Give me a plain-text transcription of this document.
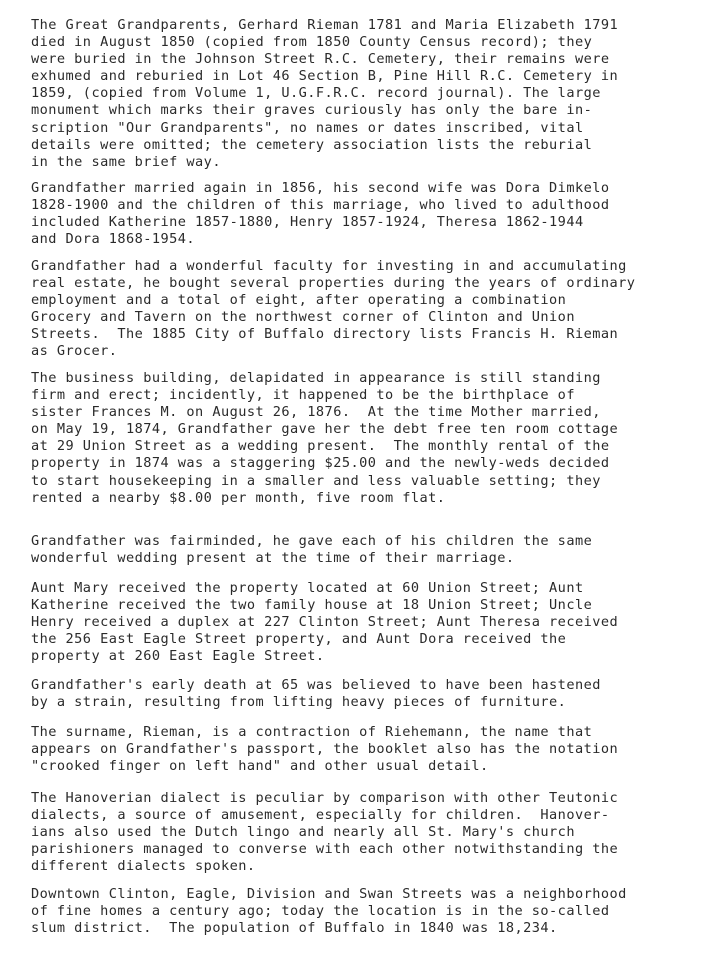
The Great Grandparents, Gerhard Rieman 1781 and Maria Elizabeth 1791
died in August 1850 (copied from 1850 County Census record); they
were buried in the Johnson Street R.C. Cemetery, their remains were
exhumed and reburied in Lot 46 Section B, Pine Hill R.C. Cemetery in
1859, (copied from Volume 1, U.G.F.R.C. record journal). The large
monument which marks their graves curiously has only the bare in-
scription "Our Grandparents", no names or dates inscribed, vital
details were omitted; the cemetery association lists the reburial
in the same brief way.

Grandfather married again in 1856, his second wife was Dora Dimkelo
1828-1900 and the children of this marriage, who lived to adulthood
included Katherine 1857-1880, Henry 1857-1924, Theresa 1862-1944
and Dora 1868-1954.

Grandfather had a wonderful faculty for investing in and accumulating
real estate, he bought several properties during the years of ordinary
employment and a total of eight, after operating a combination
Grocery and Tavern on the northwest corner of Clinton and Union
Streets.  The 1885 City of Buffalo directory lists Francis H. Rieman
as Grocer.

The business building, delapidated in appearance is still standing
firm and erect; incidently, it happened to be the birthplace of
sister Frances M. on August 26, 1876.  At the time Mother married,
on May 19, 1874, Grandfather gave her the debt free ten room cottage
at 29 Union Street as a wedding present.  The monthly rental of the
property in 1874 was a staggering $25.00 and the newly-weds decided
to start housekeeping in a smaller and less valuable setting; they
rented a nearby $8.00 per month, five room flat.

Grandfather was fairminded, he gave each of his children the same
wonderful wedding present at the time of their marriage.

Aunt Mary received the property located at 60 Union Street; Aunt
Katherine received the two family house at 18 Union Street; Uncle
Henry received a duplex at 227 Clinton Street; Aunt Theresa received
the 256 East Eagle Street property, and Aunt Dora received the
property at 260 East Eagle Street.

Grandfather's early death at 65 was believed to have been hastened
by a strain, resulting from lifting heavy pieces of furniture.

The surname, Rieman, is a contraction of Riehemann, the name that
appears on Grandfather's passport, the booklet also has the notation
"crooked finger on left hand" and other usual detail.

The Hanoverian dialect is peculiar by comparison with other Teutonic
dialects, a source of amusement, especially for children.  Hanover-
ians also used the Dutch lingo and nearly all St. Mary's church
parishioners managed to converse with each other notwithstanding the
different dialects spoken.

Downtown Clinton, Eagle, Division and Swan Streets was a neighborhood
of fine homes a century ago; today the location is in the so-called
slum district.  The population of Buffalo in 1840 was 18,234.
